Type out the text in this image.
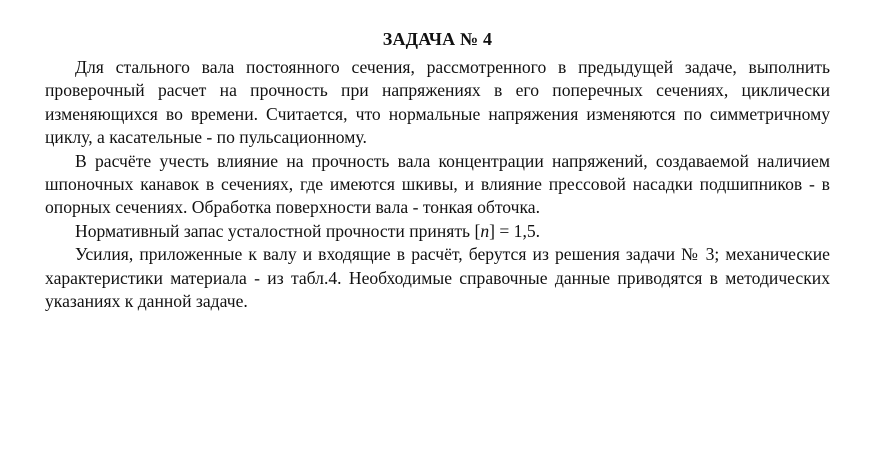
ЗАДАЧА № 4

Для стального вала постоянного сечения, рассмотренного в предыдущей задаче, выполнить проверочный расчет на прочность при напряжениях в его поперечных сечениях, циклически изменяющихся во времени. Считается, что нормальные напряжения изменяются по симметричному циклу, а касательные - по пульсационному.

В расчёте учесть влияние на прочность вала концентрации напряжений, создаваемой наличием шпоночных канавок в сечениях, где имеются шкивы, и влияние прессовой насадки подшипников - в опорных сечениях. Обработка поверхности вала - тонкая обточка.

Нормативный запас усталостной прочности принять [n] = 1,5.

Усилия, приложенные к валу и входящие в расчёт, берутся из решения задачи № 3; механические характеристики материала - из табл.4. Необходимые справочные данные приводятся в методических указаниях к данной задаче.
